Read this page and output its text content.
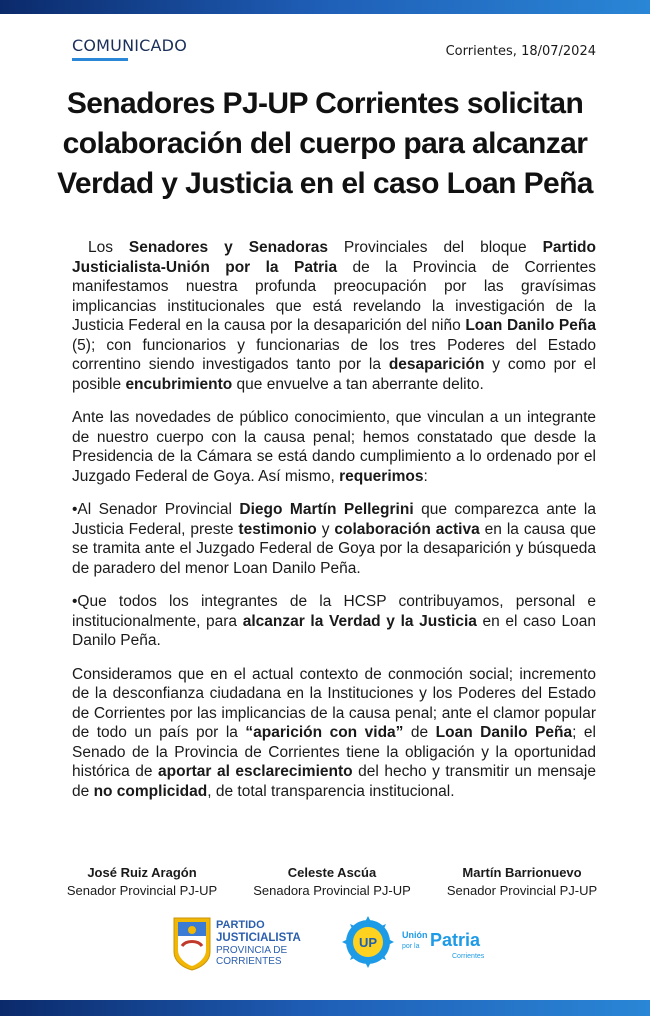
COMUNICADO	Corrientes, 18/07/2024
Senadores PJ-UP Corrientes solicitan
colaboración del cuerpo para alcanzar
Verdad y Justicia en el caso Loan Peña

Los Senadores y Senadoras Provinciales del bloque Partido Justicialista-Unión por la Patria de la Provincia de Corrientes manifestamos nuestra profunda preocupación por las gravísimas implicancias institucionales que está revelando la investigación de la Justicia Federal en la causa por la desaparición del niño Loan Danilo Peña (5); con funcionarios y funcionarias de los tres Poderes del Estado correntino siendo investigados tanto por la desaparición y como por el posible encubrimiento que envuelve a tan aberrante delito.

Ante las novedades de público conocimiento, que vinculan a un integrante de nuestro cuerpo con la causa penal; hemos constatado que desde la Presidencia de la Cámara se está dando cumplimiento a lo ordenado por el Juzgado Federal de Goya. Así mismo, requerimos:

•Al Senador Provincial Diego Martín Pellegrini que comparezca ante la Justicia Federal, preste testimonio y colaboración activa en la causa que se tramita ante el Juzgado Federal de Goya por la desaparición y búsqueda de paradero del menor Loan Danilo Peña.

•Que todos los integrantes de la HCSP contribuyamos, personal e institucionalmente, para alcanzar la Verdad y la Justicia en el caso Loan Danilo Peña.

Consideramos que en el actual contexto de conmoción social; incremento de la desconfianza ciudadana en la Instituciones y los Poderes del Estado de Corrientes por las implicancias de la causa penal; ante el clamor popular de todo un país por la “aparición con vida” de Loan Danilo Peña; el Senado de la Provincia de Corrientes tiene la obligación y la oportunidad histórica de aportar al esclarecimiento del hecho y transmitir un mensaje de no complicidad, de total transparencia institucional.

José Ruiz Aragón
Senador Provincial PJ-UP
Celeste Ascúa
Senadora Provincial PJ-UP
Martín Barrionuevo
Senador Provincial PJ-UP
PARTIDO
JUSTICIALISTA
PROVINCIA DE
CORRIENTES
UP	Unión
por la Patria
Corrientes
